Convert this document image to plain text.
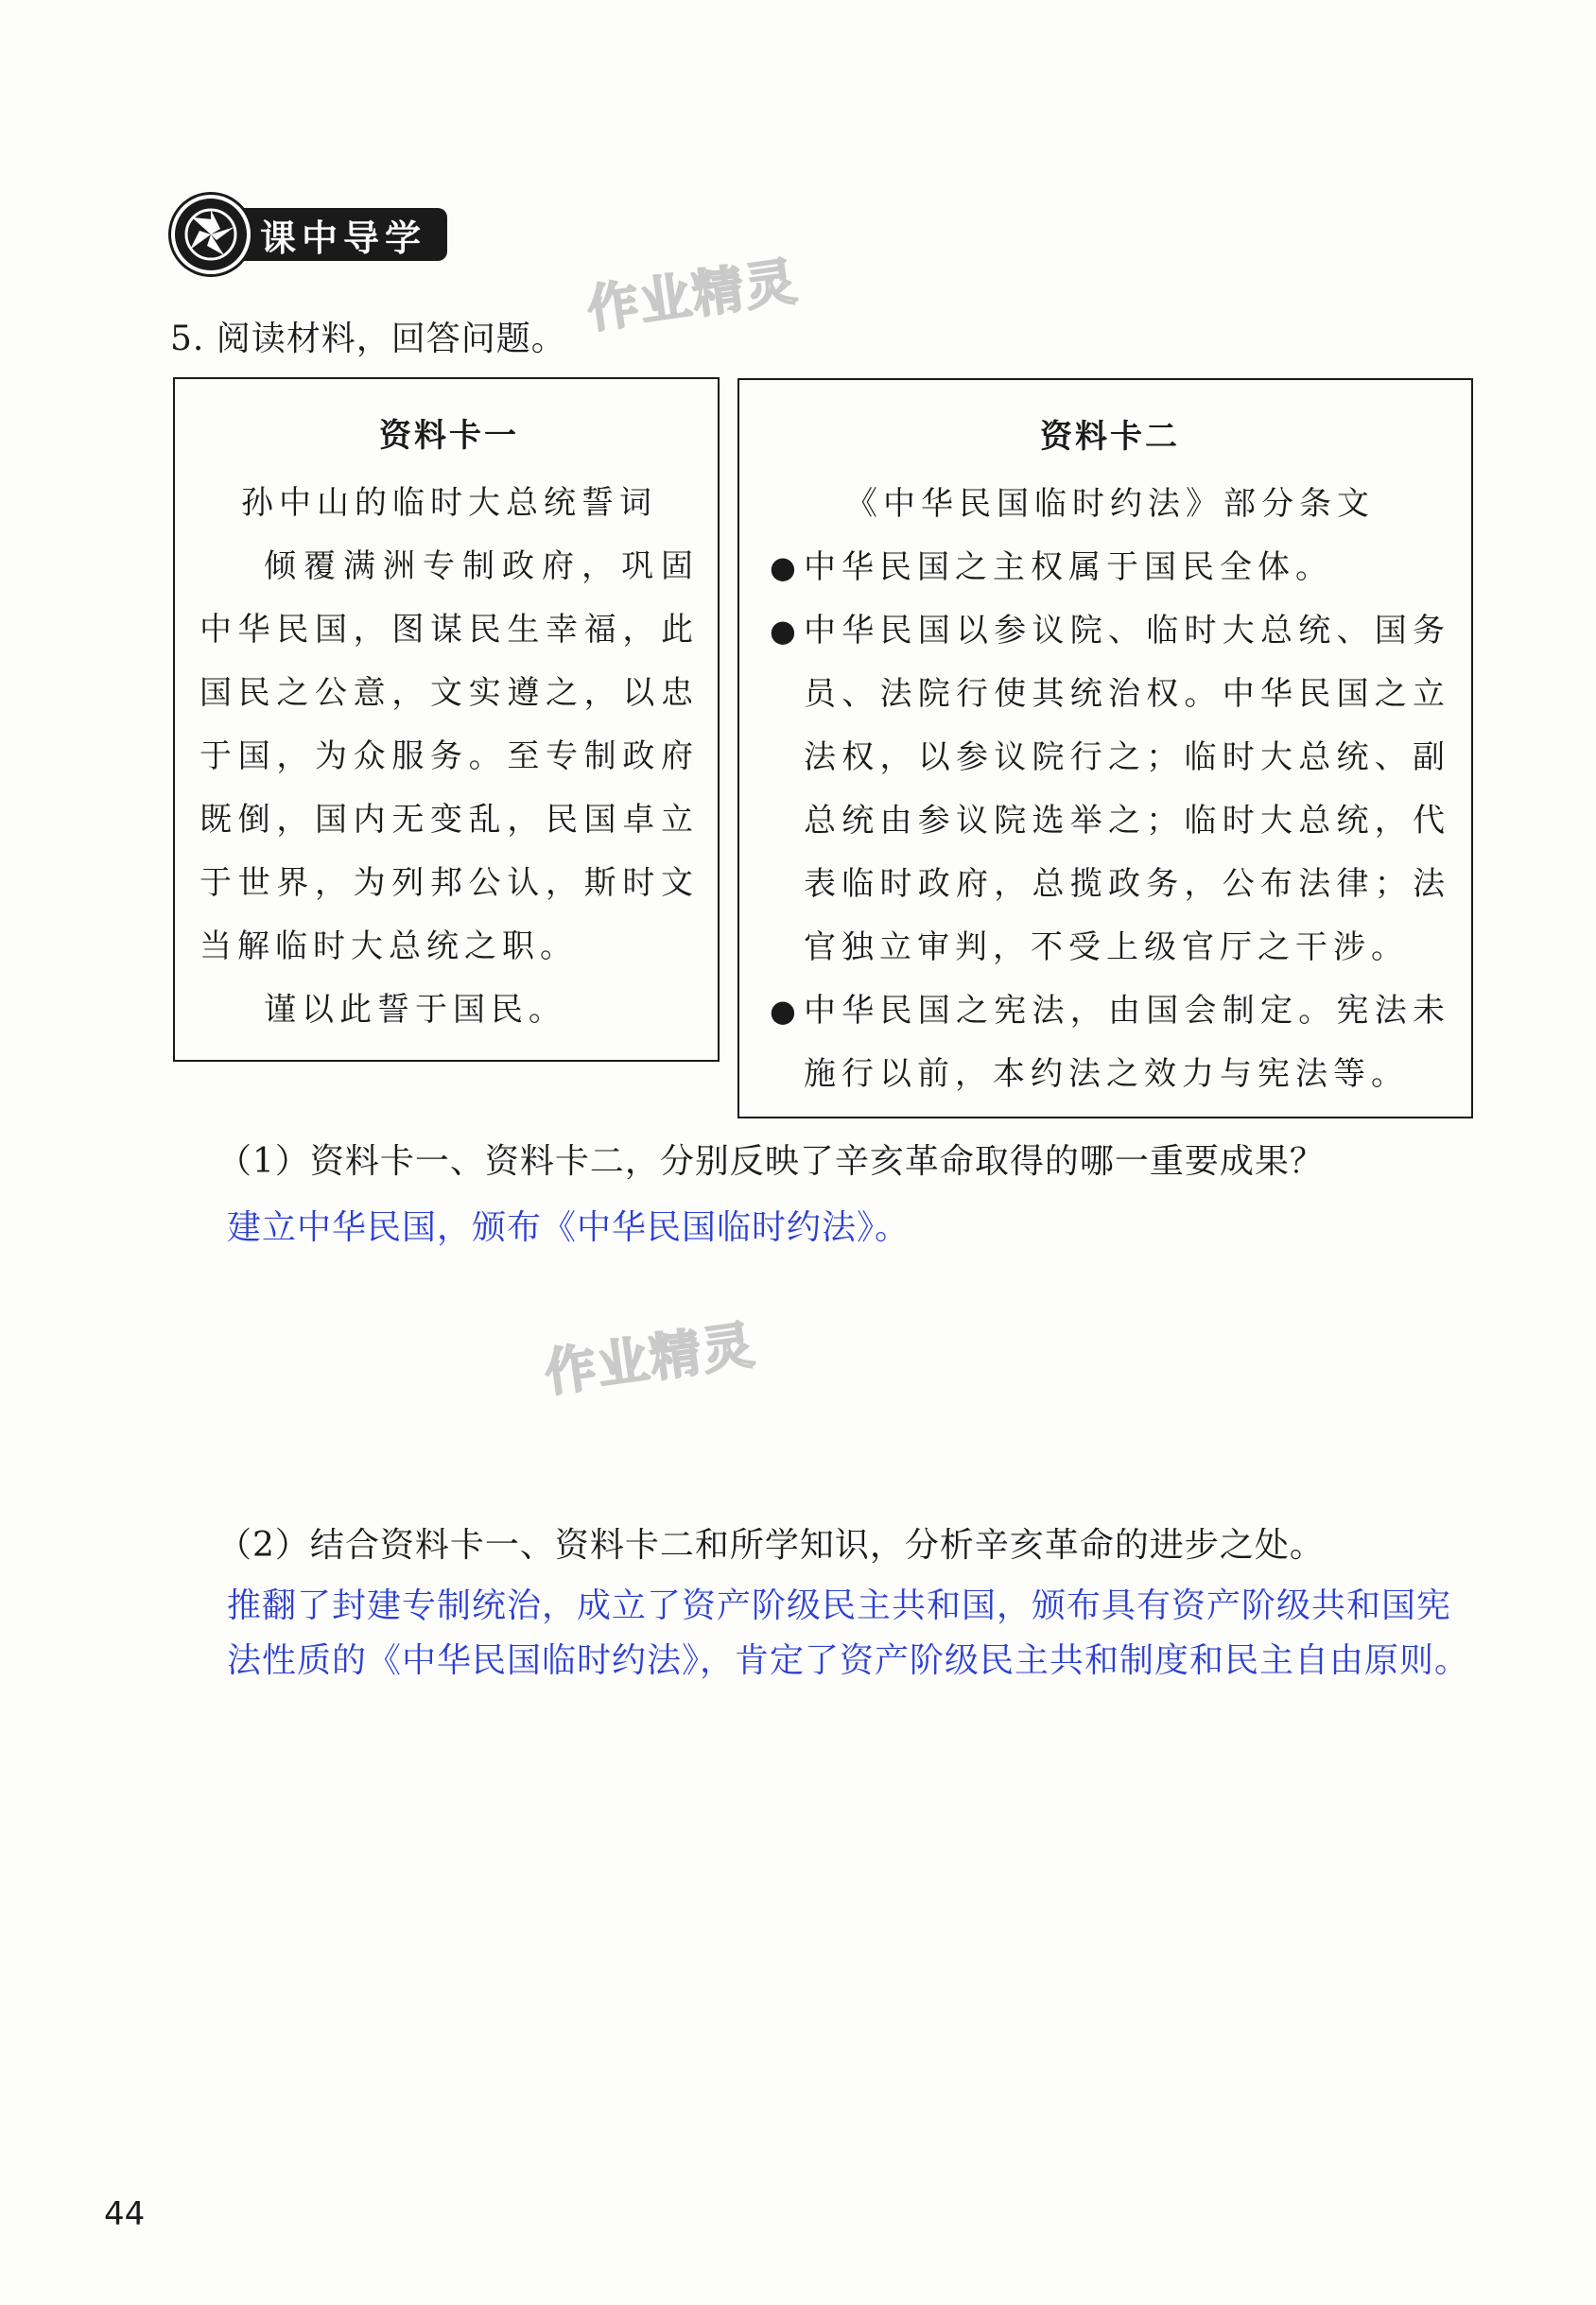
课中导学
作业精灵
作业精灵
5. 阅读材料，回答问题。
资料卡一
孙中山的临时大总统誓词
倾覆满洲专制政府，巩固中华民国，图谋民生幸福，此国民之公意，文实遵之，以忠于国，为众服务。至专制政府既倒，国内无变乱，民国卓立于世界，为列邦公认，斯时文当解临时大总统之职。
谨以此誓于国民。
资料卡二
《中华民国临时约法》部分条文
● 中华民国之主权属于国民全体。
● 中华民国以参议院、临时大总统、国务员、法院行使其统治权。中华民国之立法权，以参议院行之；临时大总统、副总统由参议院选举之；临时大总统，代表临时政府，总揽政务，公布法律；法官独立审判，不受上级官厅之干涉。
● 中华民国之宪法，由国会制定。宪法未施行以前，本约法之效力与宪法等。
（1）资料卡一、资料卡二，分别反映了辛亥革命取得的哪一重要成果？
建立中华民国，颁布《中华民国临时约法》。
（2）结合资料卡一、资料卡二和所学知识，分析辛亥革命的进步之处。
推翻了封建专制统治，成立了资产阶级民主共和国，颁布具有资产阶级共和国宪法性质的《中华民国临时约法》，肯定了资产阶级民主共和制度和民主自由原则。
44
